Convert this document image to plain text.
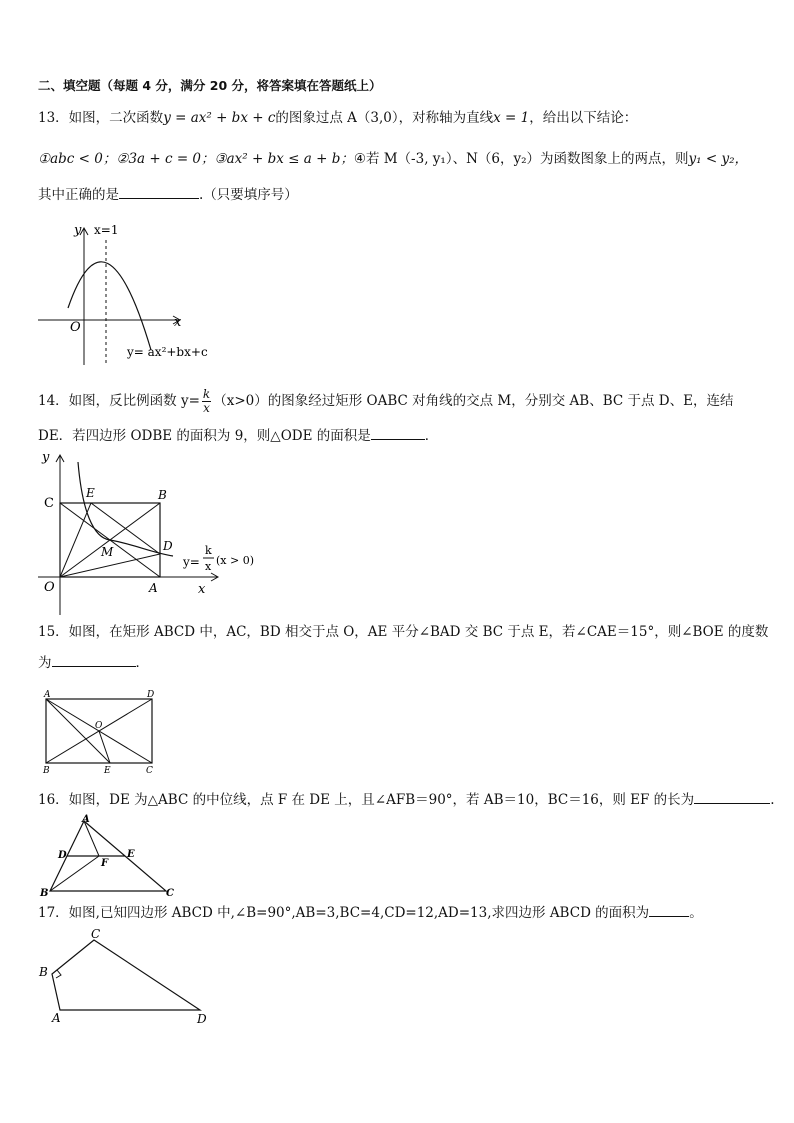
二、填空题（每题 4 分，满分 20 分，将答案填在答题纸上）
13．如图，二次函数y = ax² + bx + c的图象过点 A（3,0），对称轴为直线x = 1，给出以下结论：
①abc < 0；②3a + c = 0；③ax² + bx ≤ a + b；④若 M（-3, y₁）、N（6，y₂）为函数图象上的两点，则y₁ < y₂，
其中正确的是	.（只要填序号）
y x=1
O	x
y= ax²+bx+c
14．如图，反比例函数 $y= \frac{k}{x} (x>0)$的图象经过矩形 OABC 对角线的交点 M，分别交 AB、BC 于点 D、E，连结
DE．若四边形 ODBE 的面积为 9，则△ODE 的面积是	．
y
C
E	B
D
M
O	A	x
y=
k
x (x > 0)
15．如图，在矩形 ABCD 中，AC，BD 相交于点 O，AE 平分∠BAD 交 BC 于点 E，若∠CAE＝15°，则∠BOE 的度数
为	．
A	D
B	C
E
O
16．如图，DE 为△ABC 的中位线，点 F 在 DE 上，且∠AFB＝90°，若 AB＝10，BC＝16，则 EF 的长为	.
A
D	E
F
B	C
17．如图,已知四边形 ABCD 中,∠B=90°,AB=3,BC=4,CD=12,AD=13,求四边形 ABCD 的面积为	。
C
B
A	D
